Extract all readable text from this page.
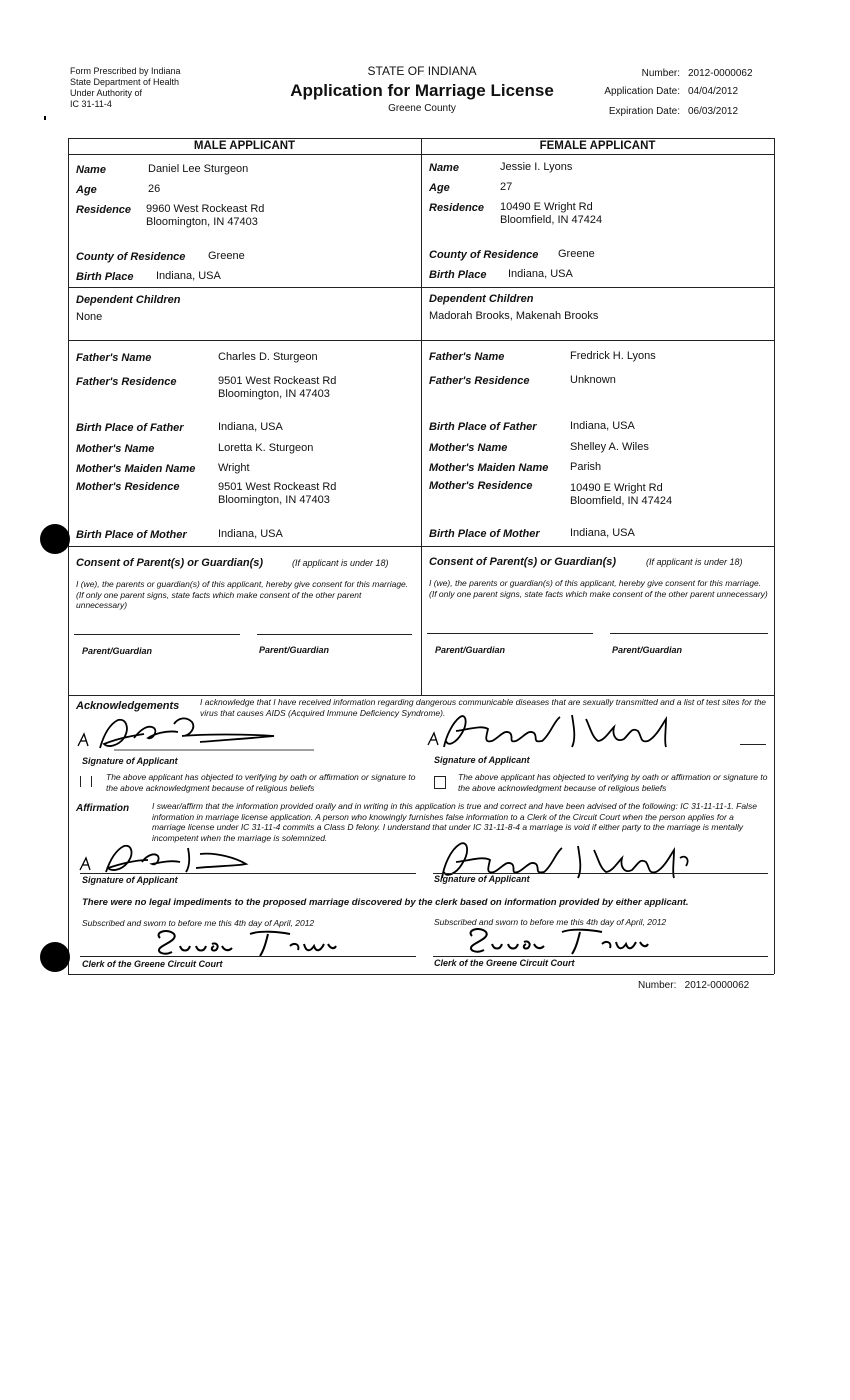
Form Prescribed by Indiana
State Department of Health
Under Authority of
IC 31-11-4
STATE OF INDIANA
Application for Marriage License
Greene County
Number: 2012-0000062
Application Date: 04/04/2012
Expiration Date: 06/03/2012
MALE APPLICANT	FEMALE APPLICANT
Name	Daniel Lee Sturgeon
Age	26
Residence 9960 West Rockeast Rd
Bloomington, IN 47403
County of Residence Greene
Birth Place Indiana, USA
Name	Jessie I. Lyons
Age	27
Residence 10490 E Wright Rd
Bloomfield, IN 47424
County of Residence Greene
Birth Place Indiana, USA
Dependent Children
None
Dependent Children
Madorah Brooks, Makenah Brooks
Father's Name	Charles D. Sturgeon
Father's Residence	9501 West Rockeast Rd
Bloomington, IN 47403
Birth Place of Father	Indiana, USA
Mother's Name	Loretta K. Sturgeon
Mother's Maiden Name Wright
Mother's Residence	9501 West Rockeast Rd
Bloomington, IN 47403
Birth Place of Mother	Indiana, USA
Father's Name	Fredrick H. Lyons
Father's Residence	Unknown
Birth Place of Father	Indiana, USA
Mother's Name	Shelley A. Wiles
Mother's Maiden Name Parish
Mother's Residence	10490 E Wright Rd
Bloomfield, IN 47424
Birth Place of Mother	Indiana, USA
Consent of Parent(s) or Guardian(s)	(If applicant is under 18)
I (we), the parents or guardian(s) of this applicant, hereby give consent for this marriage. (If only one parent signs, state facts which make consent of the other parent unnecessary)
Parent/Guardian	Parent/Guardian
Consent of Parent(s) or Guardian(s)	(If applicant is under 18)
I (we), the parents or guardian(s) of this applicant, hereby give consent for this marriage. (If only one parent signs, state facts which make consent of the other parent unnecessary)
Parent/Guardian	Parent/Guardian
Acknowledgements I acknowledge that I have received information regarding dangerous communicable diseases that are sexually transmitted and a list of test sites for the virus that causes AIDS (Acquired Immune Deficiency Syndrome).
Signature of Applicant	Signature of Applicant
The above applicant has objected to verifying by oath or affirmation or signature to the above acknowledgment because of religious beliefs
The above applicant has objected to verifying by oath or affirmation or signature to the above acknowledgment because of religious beliefs
Affirmation	I swear/affirm that the information provided orally and in writing in this application is true and correct and have been advised of the following: IC 31-11-11-1. False information in marriage license application. A person who knowingly furnishes false information to a Clerk of the Circuit Court when the person applies for a marriage license under IC 31-11-4 commits a Class D felony. I understand that under IC 31-11-8-4 a marriage is void if either party to the marriage is mentally incompetent when the marriage is solemnized.
Signature of Applicant	Signature of Applicant
There were no legal impediments to the proposed marriage discovered by the clerk based on information provided by either applicant.
Subscribed and sworn to before me this 4th day of April, 2012	Subscribed and sworn to before me this 4th day of April, 2012
Clerk of the Greene Circuit Court	Clerk of the Greene Circuit Court
Number:   2012-0000062
